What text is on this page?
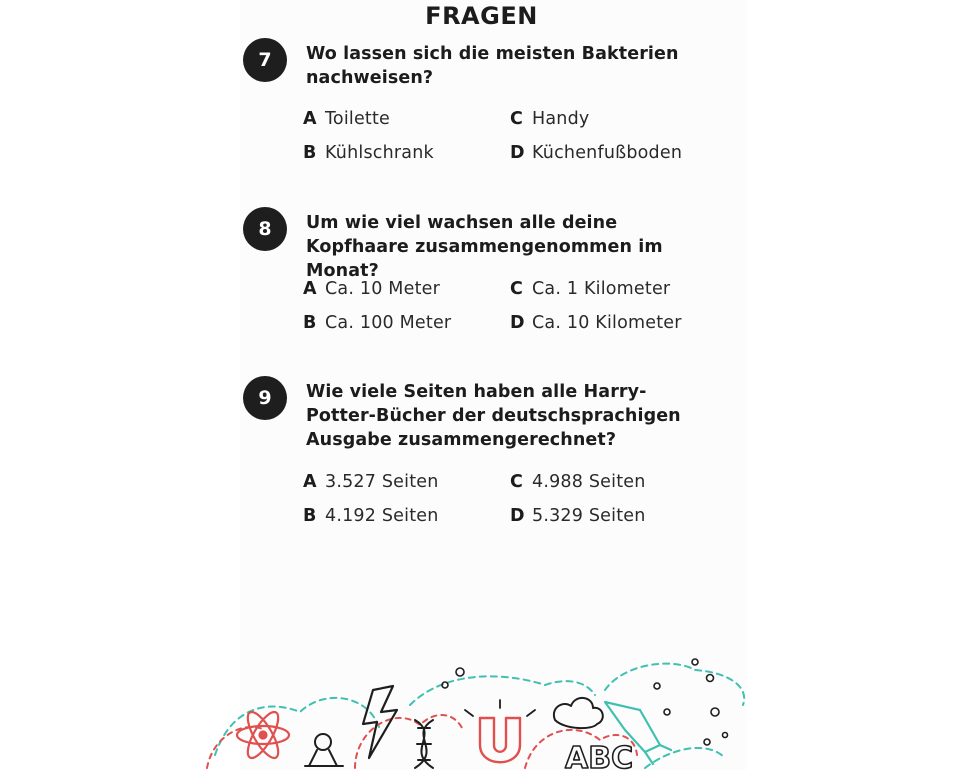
FRAGEN
7	Wo lassen sich die meisten Bakterien nachweisen?
A Toilette	C Handy
B Kühlschrank	D Küchenfußboden
8	Um wie viel wachsen alle deine Kopfhaare zusammengenommen im Monat?
A Ca. 10 Meter	C Ca. 1 Kilometer
B Ca. 100 Meter	D Ca. 10 Kilometer
9	Wie viele Seiten haben alle Harry-Potter-Bücher der deutschsprachigen Ausgabe zusammengerechnet?
A 3.527 Seiten	C 4.988 Seiten
B 4.192 Seiten	D 5.329 Seiten
ABC
